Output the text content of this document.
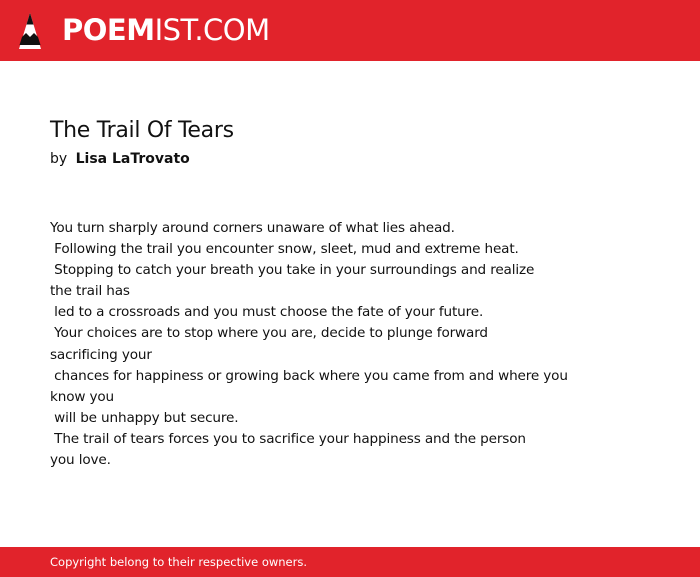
POEMIST.COM
The Trail Of Tears
by Lisa LaTrovato
You turn sharply around corners unaware of what lies ahead.
Following the trail you encounter snow, sleet, mud and extreme heat.
Stopping to catch your breath you take in your surroundings and realize
the trail has
led to a crossroads and you must choose the fate of your future.
Your choices are to stop where you are, decide to plunge forward
sacrificing your
chances for happiness or growing back where you came from and where you
know you
will be unhappy but secure.
The trail of tears forces you to sacrifice your happiness and the person
you love.
Copyright belong to their respective owners.
